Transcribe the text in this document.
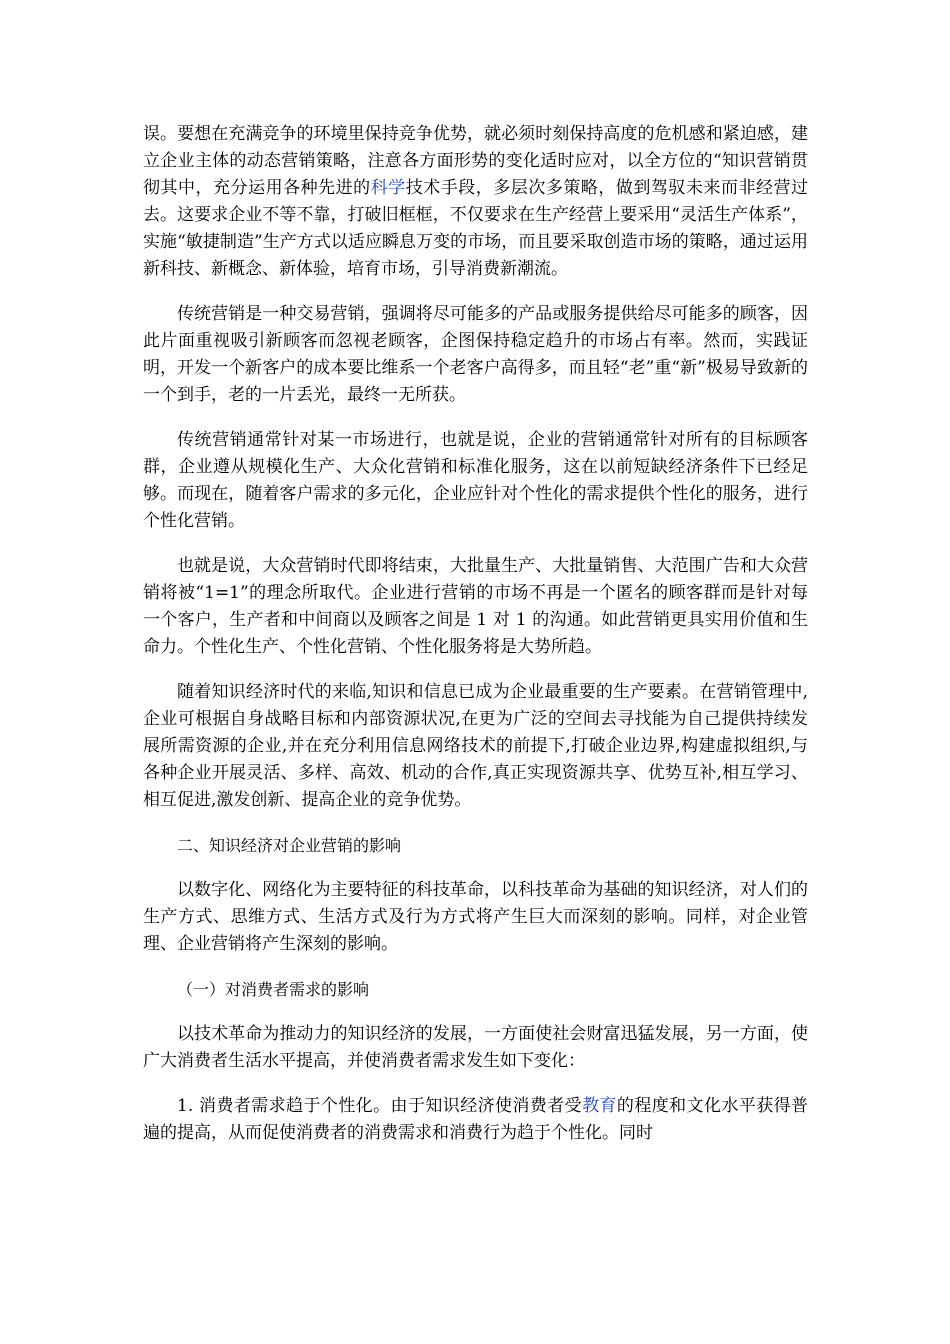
误。要想在充满竞争的环境里保持竞争优势，就必须时刻保持高度的危机感和紧迫感，建立企业主体的动态营销策略，注意各方面形势的变化适时应对，以全方位的“知识营销贯彻其中，充分运用各种先进的科学技术手段，多层次多策略，做到驾驭未来而非经营过去。这要求企业不等不靠，打破旧框框，不仅要求在生产经营上要采用“灵活生产体系”，实施“敏捷制造”生产方式以适应瞬息万变的市场，而且要采取创造市场的策略，通过运用新科技、新概念、新体验，培育市场，引导消费新潮流。

传统营销是一种交易营销，强调将尽可能多的产品或服务提供给尽可能多的顾客，因此片面重视吸引新顾客而忽视老顾客，企图保持稳定趋升的市场占有率。然而，实践证明，开发一个新客户的成本要比维系一个老客户高得多，而且轻“老”重“新”极易导致新的一个到手，老的一片丢光，最终一无所获。

传统营销通常针对某一市场进行，也就是说，企业的营销通常针对所有的目标顾客群，企业遵从规模化生产、大众化营销和标准化服务，这在以前短缺经济条件下已经足够。而现在，随着客户需求的多元化，企业应针对个性化的需求提供个性化的服务，进行个性化营销。

也就是说，大众营销时代即将结束，大批量生产、大批量销售、大范围广告和大众营销将被“1=1”的理念所取代。企业进行营销的市场不再是一个匿名的顾客群而是针对每一个客户，生产者和中间商以及顾客之间是 1 对 1 的沟通。如此营销更具实用价值和生命力。个性化生产、个性化营销、个性化服务将是大势所趋。

随着知识经济时代的来临,知识和信息已成为企业最重要的生产要素。在营销管理中,企业可根据自身战略目标和内部资源状况,在更为广泛的空间去寻找能为自己提供持续发展所需资源的企业,并在充分利用信息网络技术的前提下,打破企业边界,构建虚拟组织,与各种企业开展灵活、多样、高效、机动的合作,真正实现资源共享、优势互补,相互学习、相互促进,激发创新、提高企业的竞争优势。

二、知识经济对企业营销的影响

以数字化、网络化为主要特征的科技革命，以科技革命为基础的知识经济，对人们的生产方式、思维方式、生活方式及行为方式将产生巨大而深刻的影响。同样，对企业管理、企业营销将产生深刻的影响。

（一）对消费者需求的影响

以技术革命为推动力的知识经济的发展，一方面使社会财富迅猛发展，另一方面，使广大消费者生活水平提高，并使消费者需求发生如下变化：

1. 消费者需求趋于个性化。由于知识经济使消费者受教育的程度和文化水平获得普遍的提高，从而促使消费者的消费需求和消费行为趋于个性化。同时
